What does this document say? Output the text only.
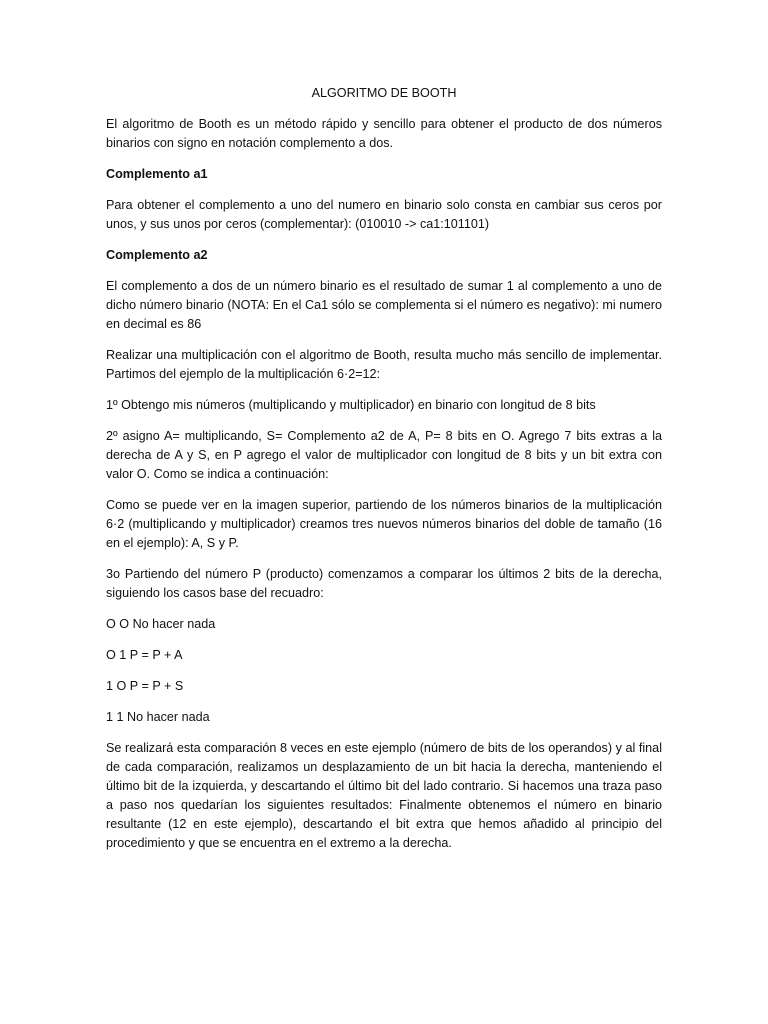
ALGORITMO DE BOOTH

El algoritmo de Booth es un método rápido y sencillo para obtener el producto de dos números binarios con signo en notación complemento a dos.

Complemento a1

Para obtener el complemento a uno del numero en binario solo consta en cambiar sus ceros por unos, y sus unos por ceros (complementar): (010010 -> ca1:101101)

Complemento a2

El complemento a dos de un número binario es el resultado de sumar 1 al complemento a uno de dicho número binario (NOTA: En el Ca1 sólo se complementa si el número es negativo): mi numero en decimal es 86

Realizar una multiplicación con el algoritmo de Booth, resulta mucho más sencillo de implementar. Partimos del ejemplo de la multiplicación 6·2=12:

1º Obtengo mis números (multiplicando y multiplicador) en binario con longitud de 8 bits

2º asigno A= multiplicando, S= Complemento a2 de A, P= 8 bits en O. Agrego 7 bits extras a la derecha de A y S, en P agrego el valor de multiplicador con longitud de 8 bits y un bit extra con valor O. Como se indica a continuación:

Como se puede ver en la imagen superior, partiendo de los números binarios de la multiplicación 6·2 (multiplicando y multiplicador) creamos tres nuevos números binarios del doble de tamaño (16 en el ejemplo): A, S y P.

3o Partiendo del número P (producto) comenzamos a comparar los últimos 2 bits de la derecha, siguiendo los casos base del recuadro:

O O No hacer nada
O 1 P = P + A
1 O P = P + S
1 1 No hacer nada

Se realizará esta comparación 8 veces en este ejemplo (número de bits de los operandos) y al final de cada comparación, realizamos un desplazamiento de un bit hacia la derecha, manteniendo el último bit de la izquierda, y descartando el último bit del lado contrario. Si hacemos una traza paso a paso nos quedarían los siguientes resultados: Finalmente obtenemos el número en binario resultante (12 en este ejemplo), descartando el bit extra que hemos añadido al principio del procedimiento y que se encuentra en el extremo a la derecha.
